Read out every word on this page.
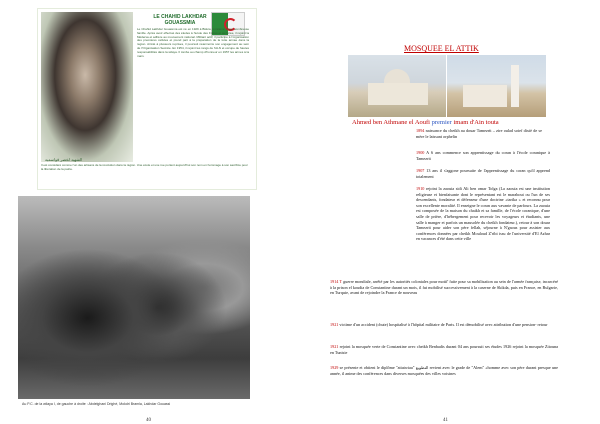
الشهيد لخضر قواسمية
LE CHAHID LAKHDAR GOUASSMIA
Le Chahid Lakhdar Gouasmia est né en 1929 à Biskra, troisième d'une nombreuse famille. Après avoir effectué des études à l'école des Frères et au lycée, il rejoint la Médersa et adhère au mouvement national. Militant actif, il participe à l'organisation des premières cellules et prend part à la préparation de la lutte armée dans la région. Arrêté à plusieurs reprises, il poursuit néanmoins son engagement au sein de l'Organisation Secrète. En 1954, il rejoint les rangs de l'ALN et occupe de hautes responsabilités dans la wilaya. Il tombe au champ d'honneur en 1957 les armes à la main.
Il est considéré comme l'un des artisans de la révolution dans la région. Une école et une rue portent aujourd'hui son nom en hommage à son sacrifice pour la libération de la patrie.
Au P.C. de la wilaya I, de gauche à droite : Abdelghani Drighé, Mokdri Bramla, Lakhdar Gouassi
40
MOSQUEE EL ATTIK
Ahmed ben Athmane el Aoufi premier imam d'Ain touta
1894 naissance du cheikh au douar Tamezrit – zire oulad soief dixiè de se mère le laissant orphelin
1900 A 6 ans commence son apprentissage du coran à l'école coranique à Tamezrit
1907 13 ans il s'aggone poursuite de l'apprentissage du coran qu'il apprend totalement
1910 rejoint la zaouia sidi Ali ben omar Tolga (La zaouia est une institution religieuse et bienfaisante dont le représentant est le marabout ou l'un de ses descendants, fondateur et défenseur d'une doctrine «tarika » et reconnu pour son excellente moralité. Il enseigne le coran aux vavante de parfours. La zaouia est composée de la maison du chaikh et sa famille, de l'école coranique, d'une salle de prière, d'hébergement pour recevoir les voyageurs et étudiants, une salle à manger et parfois un mausolée du cheikh fondateur.), retour à son douar Tamezrit pour aider son père fellah, séjourne à N'gaous pour assister aux conférences données par cheikh Mouloud Z'ribi issu de l'université d'El Azhar en vacances d'été dans cette ville
1914 T guerre mondiale, arrêté par les autorités coloniales pour motif' fuite pour sa mobilisation au sein de l'armée française, incarcéré à la prison el koudia de Constantine durant un mois, il fut mobilisé successivement à la caserne de Skikda, puis en France, en Bulgarie, en Turquie, avant de rejoindre la France de nouveau
1921 victime d'un accident (chute) hospitalisé à l'hôpital militaire de Paris. Il est démobilisé avec attribution d'une pension- retour
1921 rejoint la mosquée verte de Constantine avec cheikh Benbadis durant 04 ans poursuit ses études 1926 rejoint la mosquée Zitouna en Tunisie
1929 se présente et obtient le diplôme "attatwiaa" التطويع revient avec le grade de "Alem" «homme avec son père durant presque une année, il anime des conférences dans diverses mosquées des villes voisines
41
